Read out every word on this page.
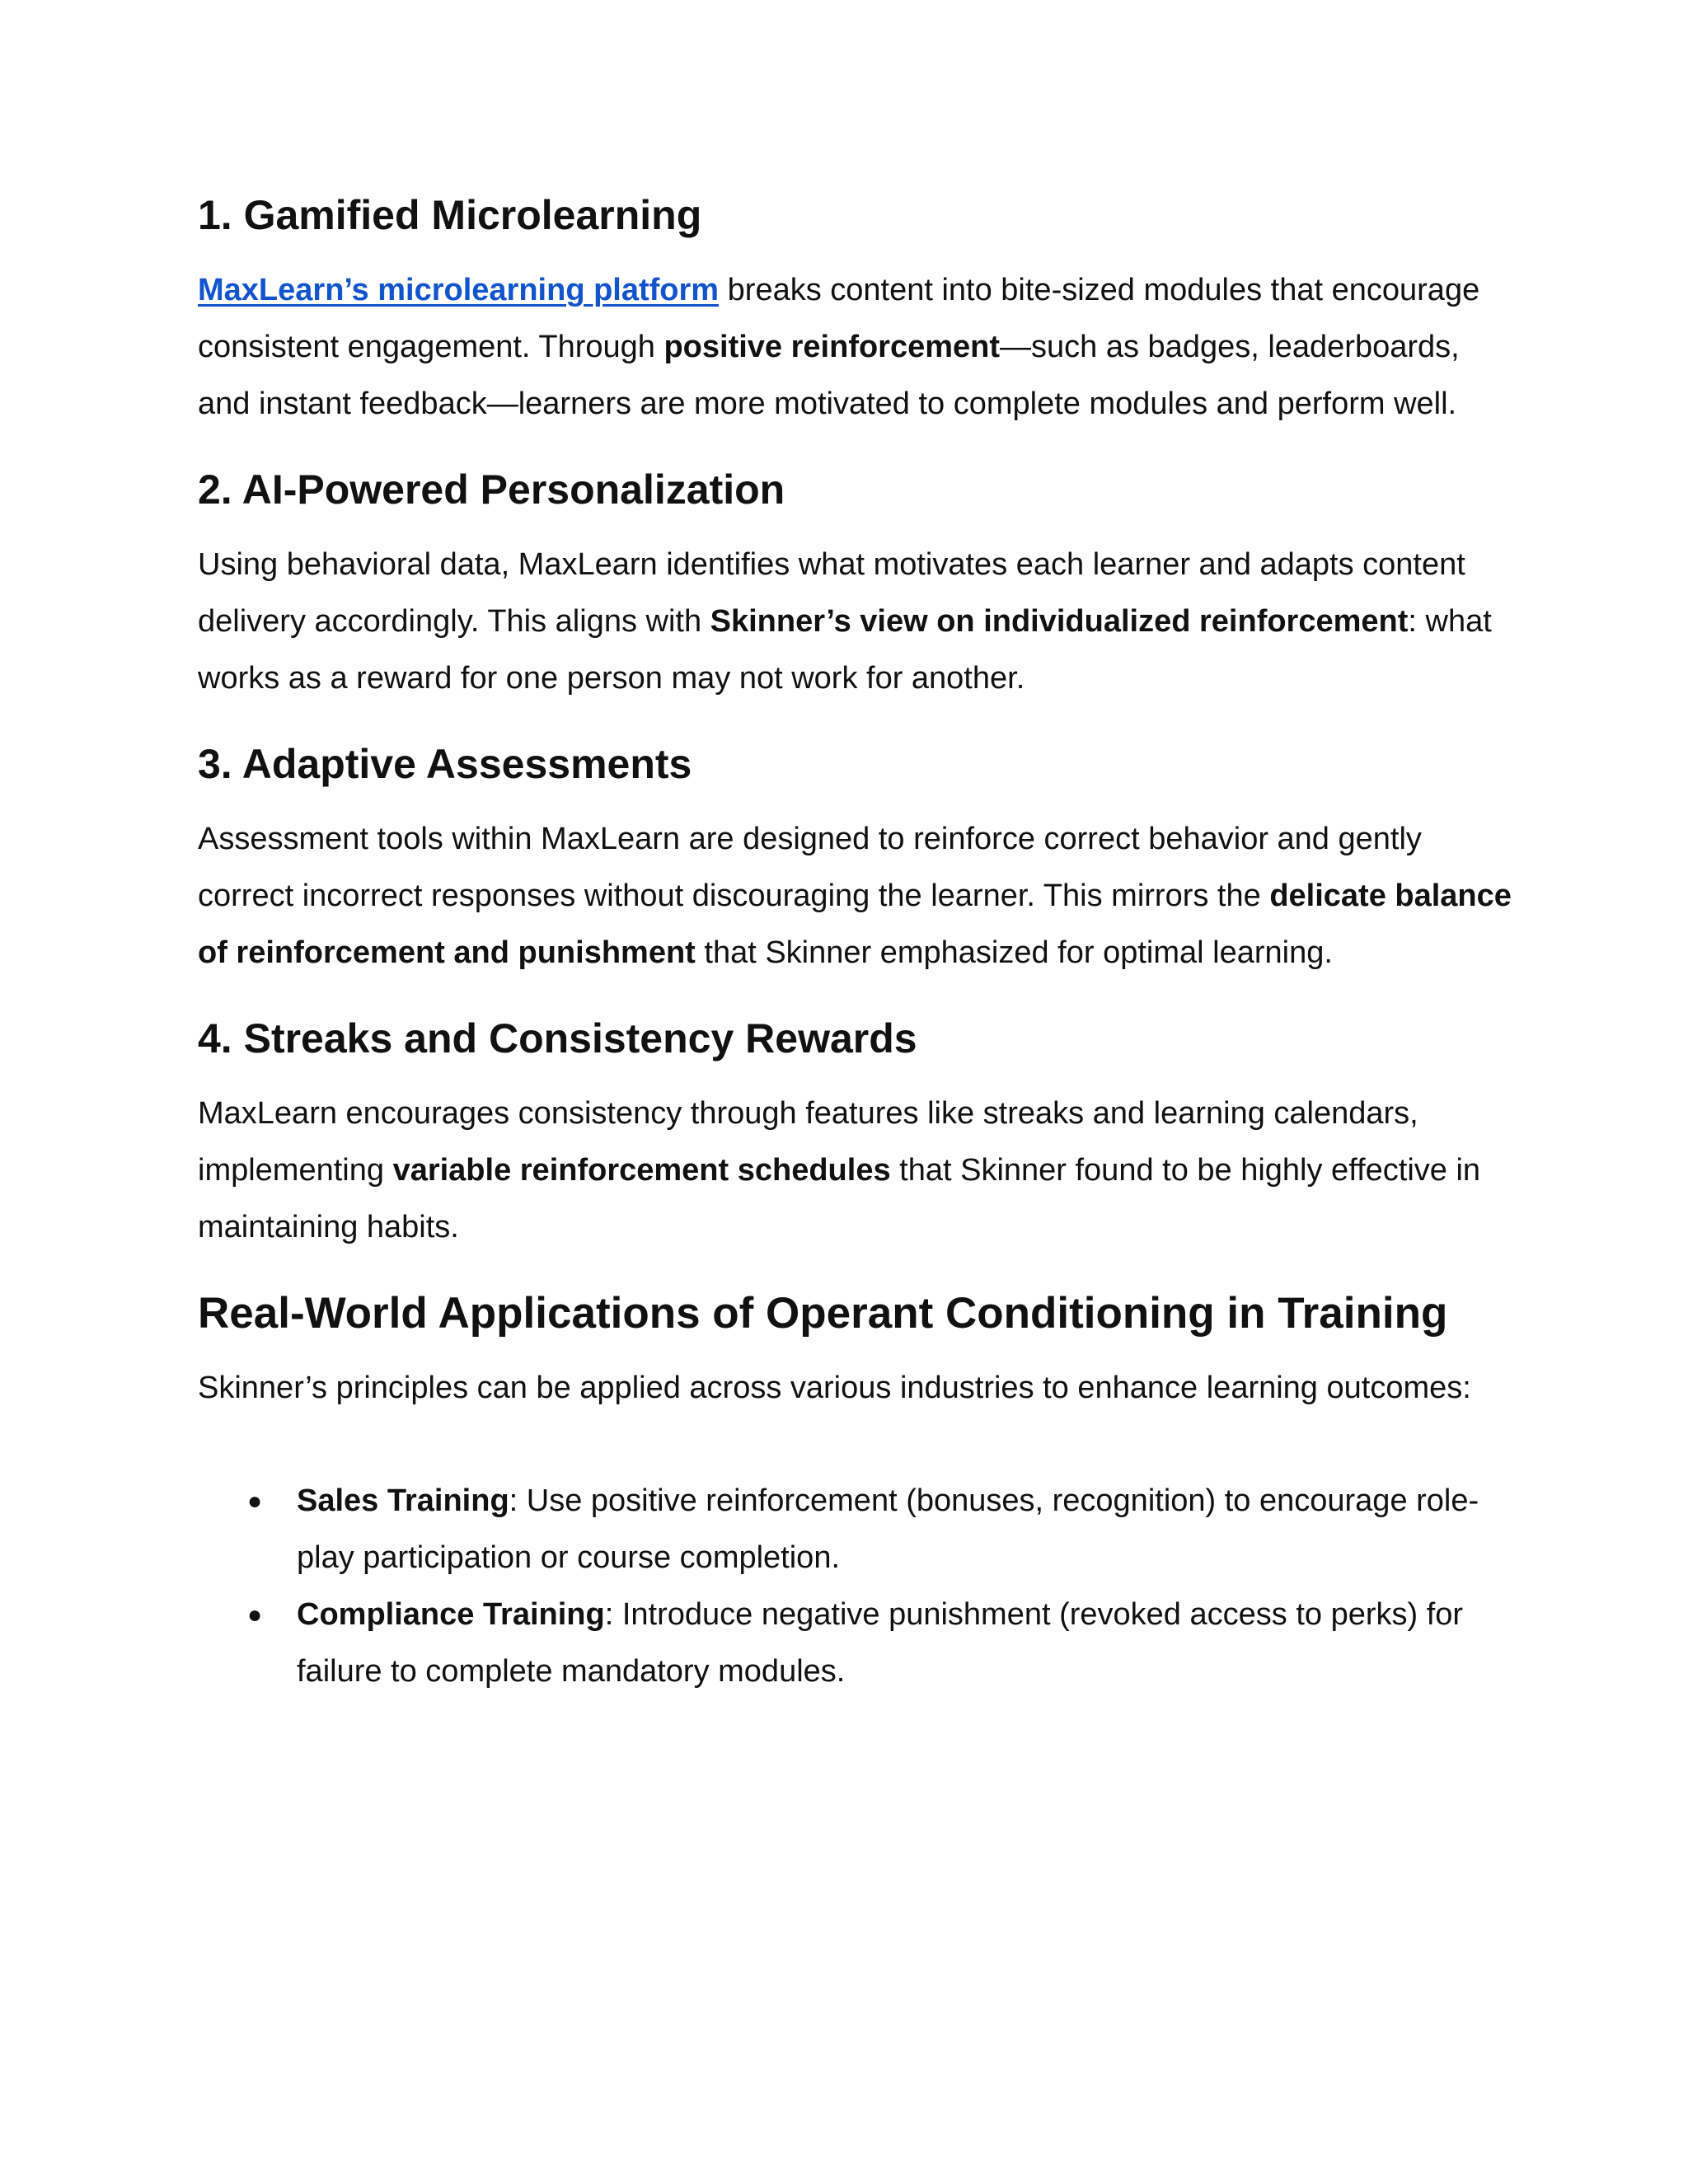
1. Gamified Microlearning

MaxLearn’s microlearning platform breaks content into bite-sized modules that encourage consistent engagement. Through positive reinforcement—such as badges, leaderboards, and instant feedback—learners are more motivated to complete modules and perform well.

2. AI-Powered Personalization

Using behavioral data, MaxLearn identifies what motivates each learner and adapts content delivery accordingly. This aligns with Skinner’s view on individualized reinforcement: what works as a reward for one person may not work for another.

3. Adaptive Assessments

Assessment tools within MaxLearn are designed to reinforce correct behavior and gently correct incorrect responses without discouraging the learner. This mirrors the delicate balance of reinforcement and punishment that Skinner emphasized for optimal learning.

4. Streaks and Consistency Rewards

MaxLearn encourages consistency through features like streaks and learning calendars, implementing variable reinforcement schedules that Skinner found to be highly effective in maintaining habits.

Real-World Applications of Operant Conditioning in Training

Skinner’s principles can be applied across various industries to enhance learning outcomes:

● Sales Training: Use positive reinforcement (bonuses, recognition) to encourage role-play participation or course completion.
● Compliance Training: Introduce negative punishment (revoked access to perks) for failure to complete mandatory modules.
